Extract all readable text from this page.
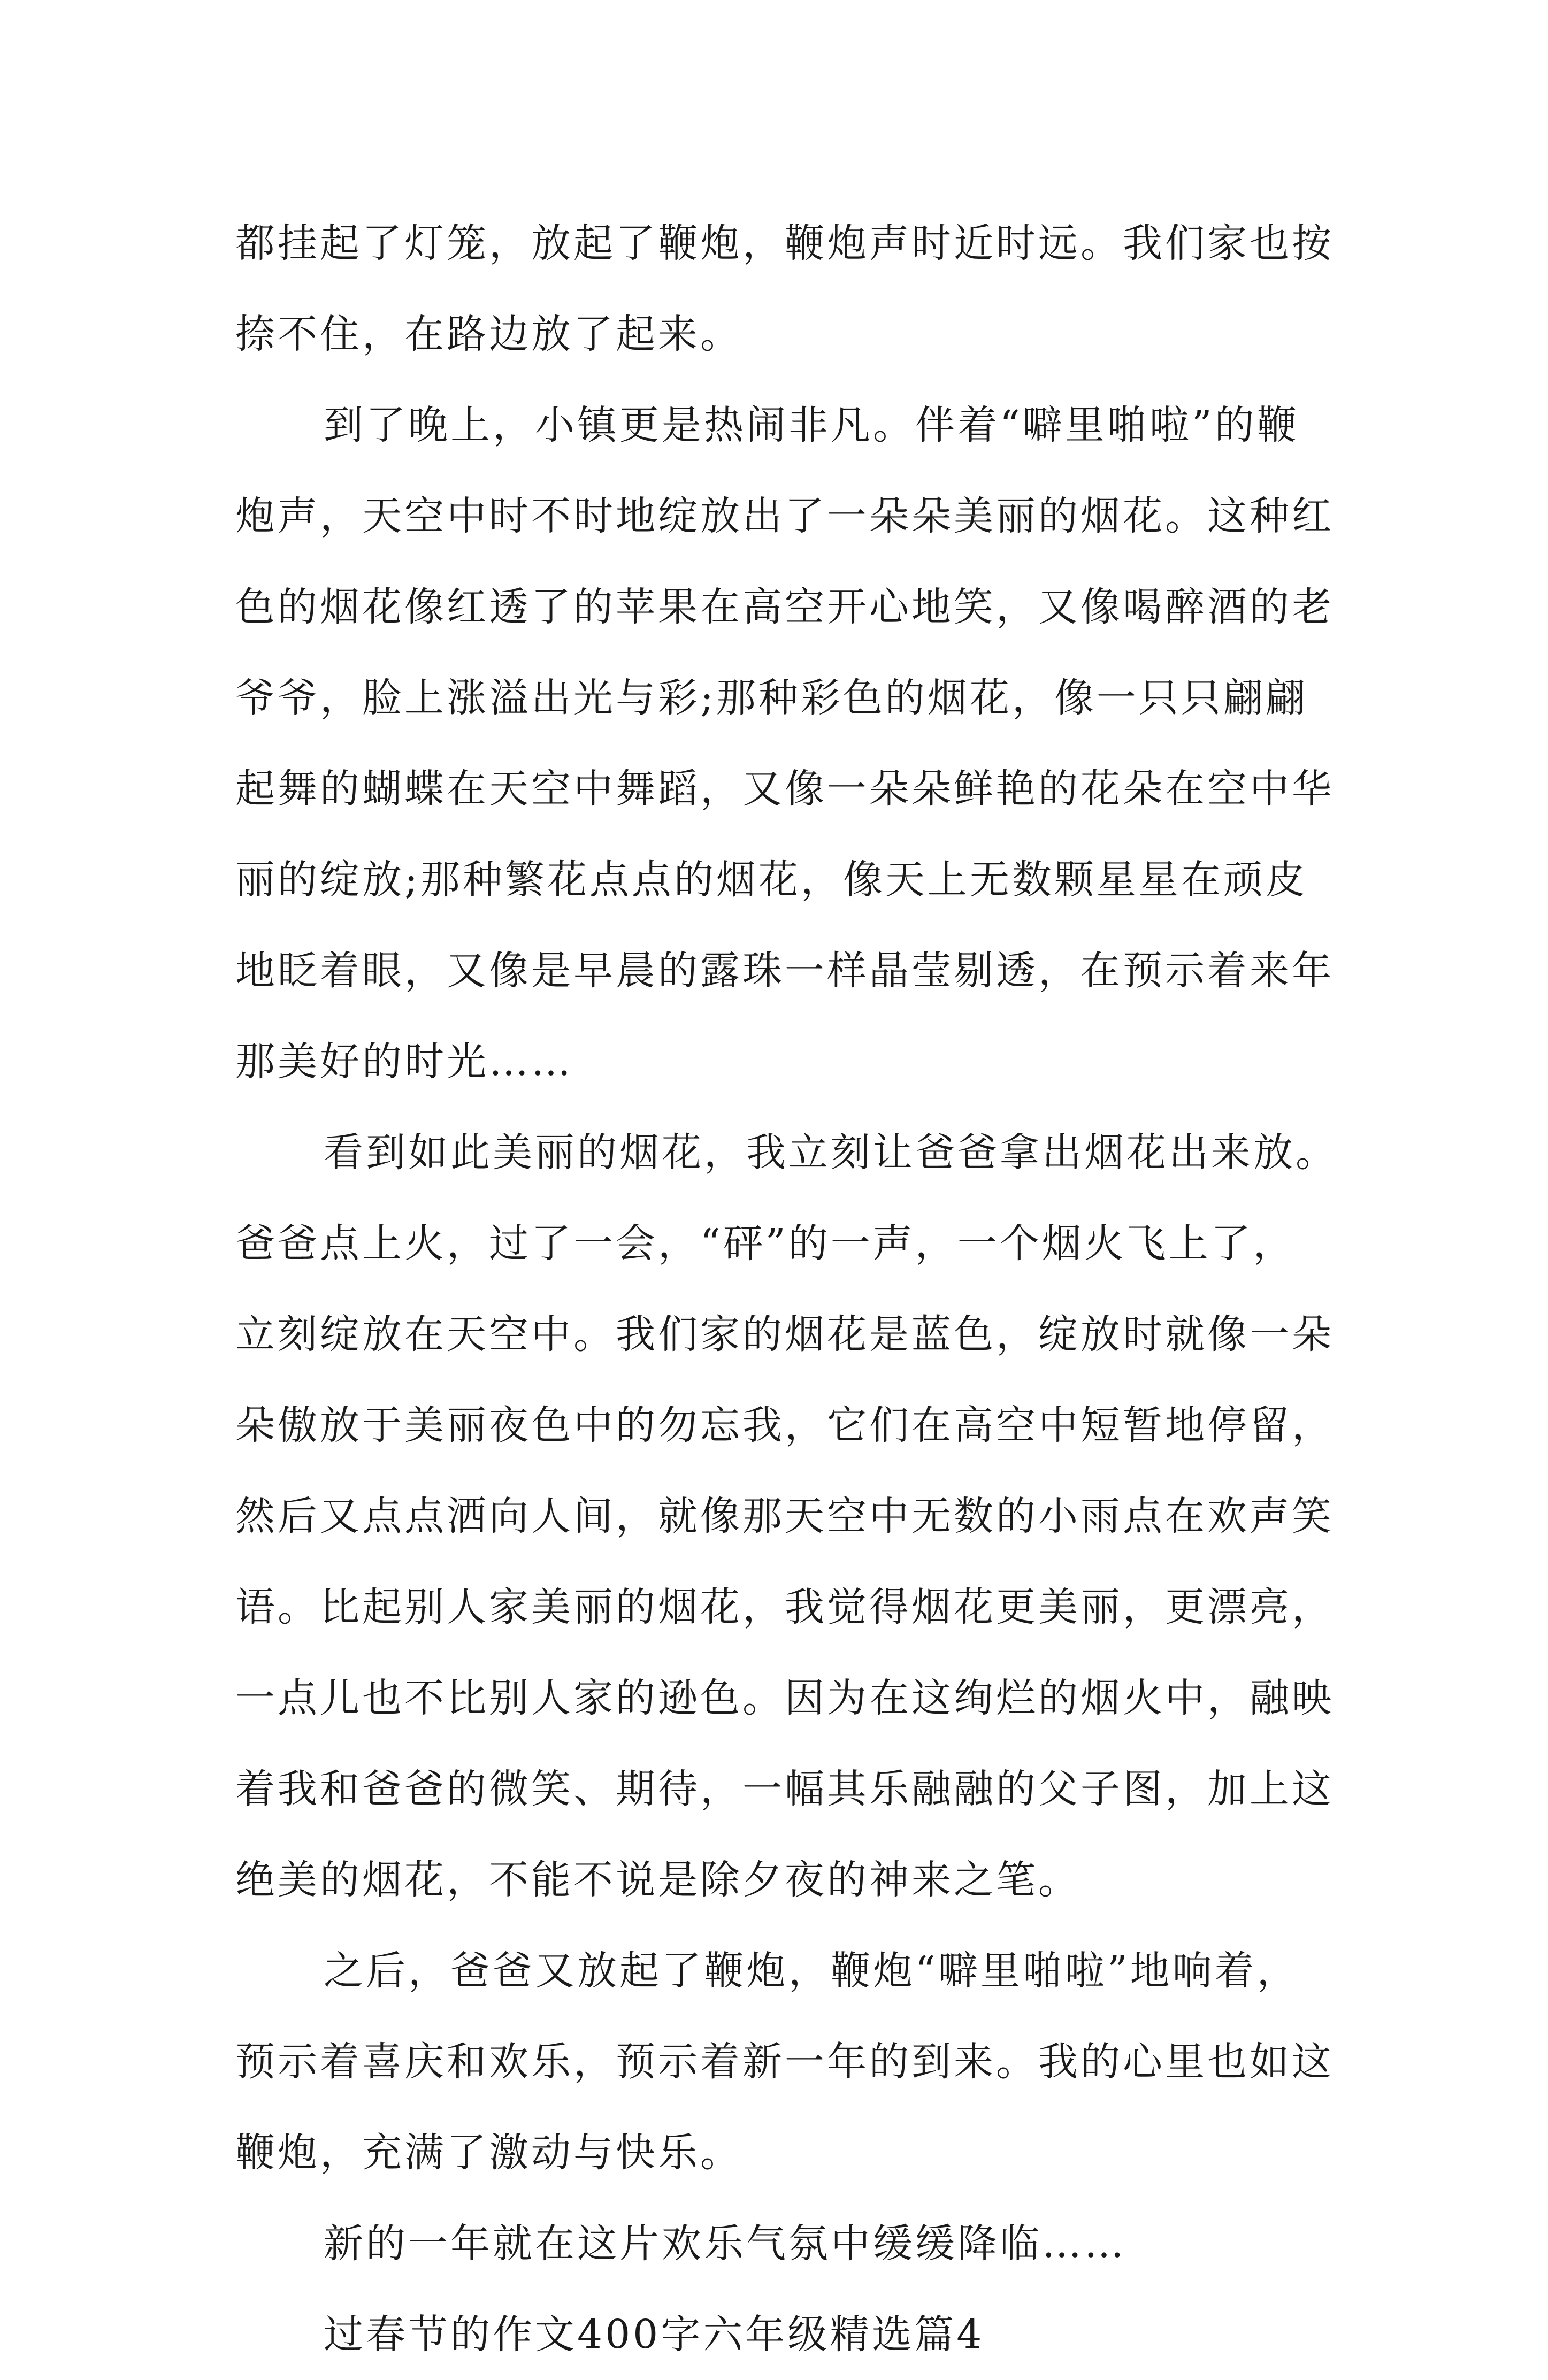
都挂起了灯笼，放起了鞭炮，鞭炮声时近时远。我们家也按
捺不住，在路边放了起来。
到了晚上，小镇更是热闹非凡。伴着“噼里啪啦”的鞭
炮声，天空中时不时地绽放出了一朵朵美丽的烟花。这种红
色的烟花像红透了的苹果在高空开心地笑，又像喝醉酒的老
爷爷，脸上涨溢出光与彩;那种彩色的烟花，像一只只翩翩
起舞的蝴蝶在天空中舞蹈，又像一朵朵鲜艳的花朵在空中华
丽的绽放;那种繁花点点的烟花，像天上无数颗星星在顽皮
地眨着眼，又像是早晨的露珠一样晶莹剔透，在预示着来年
那美好的时光……
看到如此美丽的烟花，我立刻让爸爸拿出烟花出来放。
爸爸点上火，过了一会，“砰”的一声，一个烟火飞上了，
立刻绽放在天空中。我们家的烟花是蓝色，绽放时就像一朵
朵傲放于美丽夜色中的勿忘我，它们在高空中短暂地停留，
然后又点点洒向人间，就像那天空中无数的小雨点在欢声笑
语。比起别人家美丽的烟花，我觉得烟花更美丽，更漂亮，
一点儿也不比别人家的逊色。因为在这绚烂的烟火中，融映
着我和爸爸的微笑、期待，一幅其乐融融的父子图，加上这
绝美的烟花，不能不说是除夕夜的神来之笔。
之后，爸爸又放起了鞭炮，鞭炮“噼里啪啦”地响着，
预示着喜庆和欢乐，预示着新一年的到来。我的心里也如这
鞭炮，充满了激动与快乐。
新的一年就在这片欢乐气氛中缓缓降临……
过春节的作文400字六年级精选篇4
